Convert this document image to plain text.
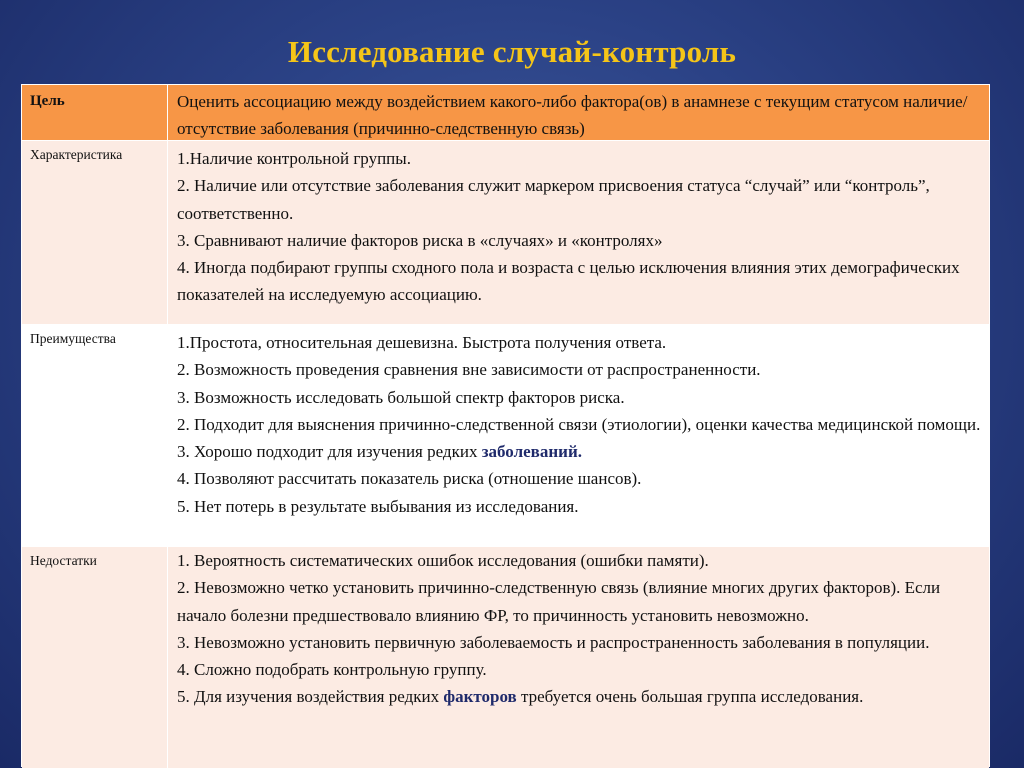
Исследование случай-контроль
Цель	Оценить ассоциацию между воздействием какого-либо фактора(ов) в анамнезе с текущим статусом наличие/отсутствие заболевания (причинно-следственную связь)
Характеристика	1.Наличие контрольной группы.
2. Наличие или отсутствие заболевания служит маркером присвоения статуса “случай” или “контроль”, соответственно.
3. Сравнивают наличие факторов риска в «случаях» и «контролях»
4. Иногда подбирают группы сходного пола и возраста с целью исключения влияния этих демографических показателей на исследуемую ассоциацию.
Преимущества	1.Простота, относительная дешевизна. Быстрота получения ответа.
2. Возможность проведения сравнения вне зависимости от распространенности.
3. Возможность исследовать большой спектр факторов риска.
2. Подходит для выяснения причинно-следственной связи (этиологии), оценки качества медицинской помощи.
3. Хорошо подходит для изучения редких заболеваний.
4. Позволяют рассчитать показатель риска (отношение шансов).
5. Нет потерь в результате выбывания из исследования.
Недостатки	1. Вероятность систематических ошибок исследования (ошибки памяти).
2. Невозможно четко установить причинно-следственную связь (влияние многих других факторов). Если начало болезни предшествовало влиянию ФР, то причинность установить невозможно.
3. Невозможно установить первичную заболеваемость и распространенность заболевания в популяции.
4. Сложно подобрать контрольную группу.
5. Для изучения воздействия редких факторов требуется очень большая группа исследования.
